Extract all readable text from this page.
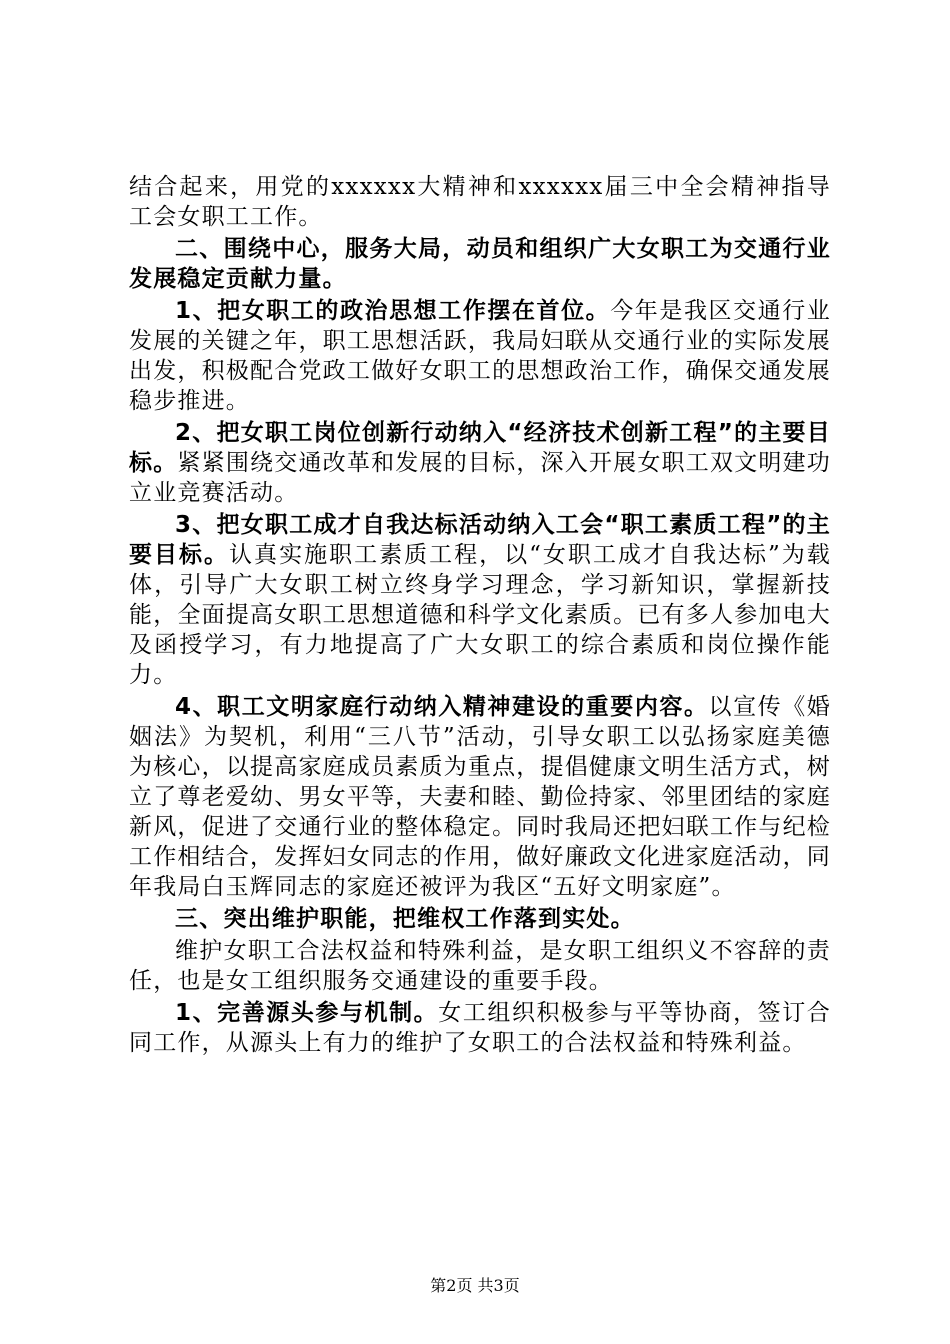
结合起来，用党的xxxxxx大精神和xxxxxx届三中全会精神指导工会女职工工作。

二、围绕中心，服务大局，动员和组织广大女职工为交通行业发展稳定贡献力量。

1、把女职工的政治思想工作摆在首位。今年是我区交通行业发展的关键之年，职工思想活跃，我局妇联从交通行业的实际发展出发，积极配合党政工做好女职工的思想政治工作，确保交通发展稳步推进。

2、把女职工岗位创新行动纳入“经济技术创新工程”的主要目标。紧紧围绕交通改革和发展的目标，深入开展女职工双文明建功立业竞赛活动。

3、把女职工成才自我达标活动纳入工会“职工素质工程”的主要目标。认真实施职工素质工程，以“女职工成才自我达标”为载体，引导广大女职工树立终身学习理念，学习新知识，掌握新技能，全面提高女职工思想道德和科学文化素质。已有多人参加电大及函授学习，有力地提高了广大女职工的综合素质和岗位操作能力。

4、职工文明家庭行动纳入精神建设的重要内容。以宣传《婚姻法》为契机，利用“三八节”活动，引导女职工以弘扬家庭美德为核心，以提高家庭成员素质为重点，提倡健康文明生活方式，树立了尊老爱幼、男女平等，夫妻和睦、勤俭持家、邻里团结的家庭新风，促进了交通行业的整体稳定。同时我局还把妇联工作与纪检工作相结合，发挥妇女同志的作用，做好廉政文化进家庭活动，同年我局白玉辉同志的家庭还被评为我区“五好文明家庭”。

三、突出维护职能，把维权工作落到实处。

维护女职工合法权益和特殊利益，是女职工组织义不容辞的责任，也是女工组织服务交通建设的重要手段。

1、完善源头参与机制。女工组织积极参与平等协商，签订合同工作，从源头上有力的维护了女职工的合法权益和特殊利益。

第2页 共3页
